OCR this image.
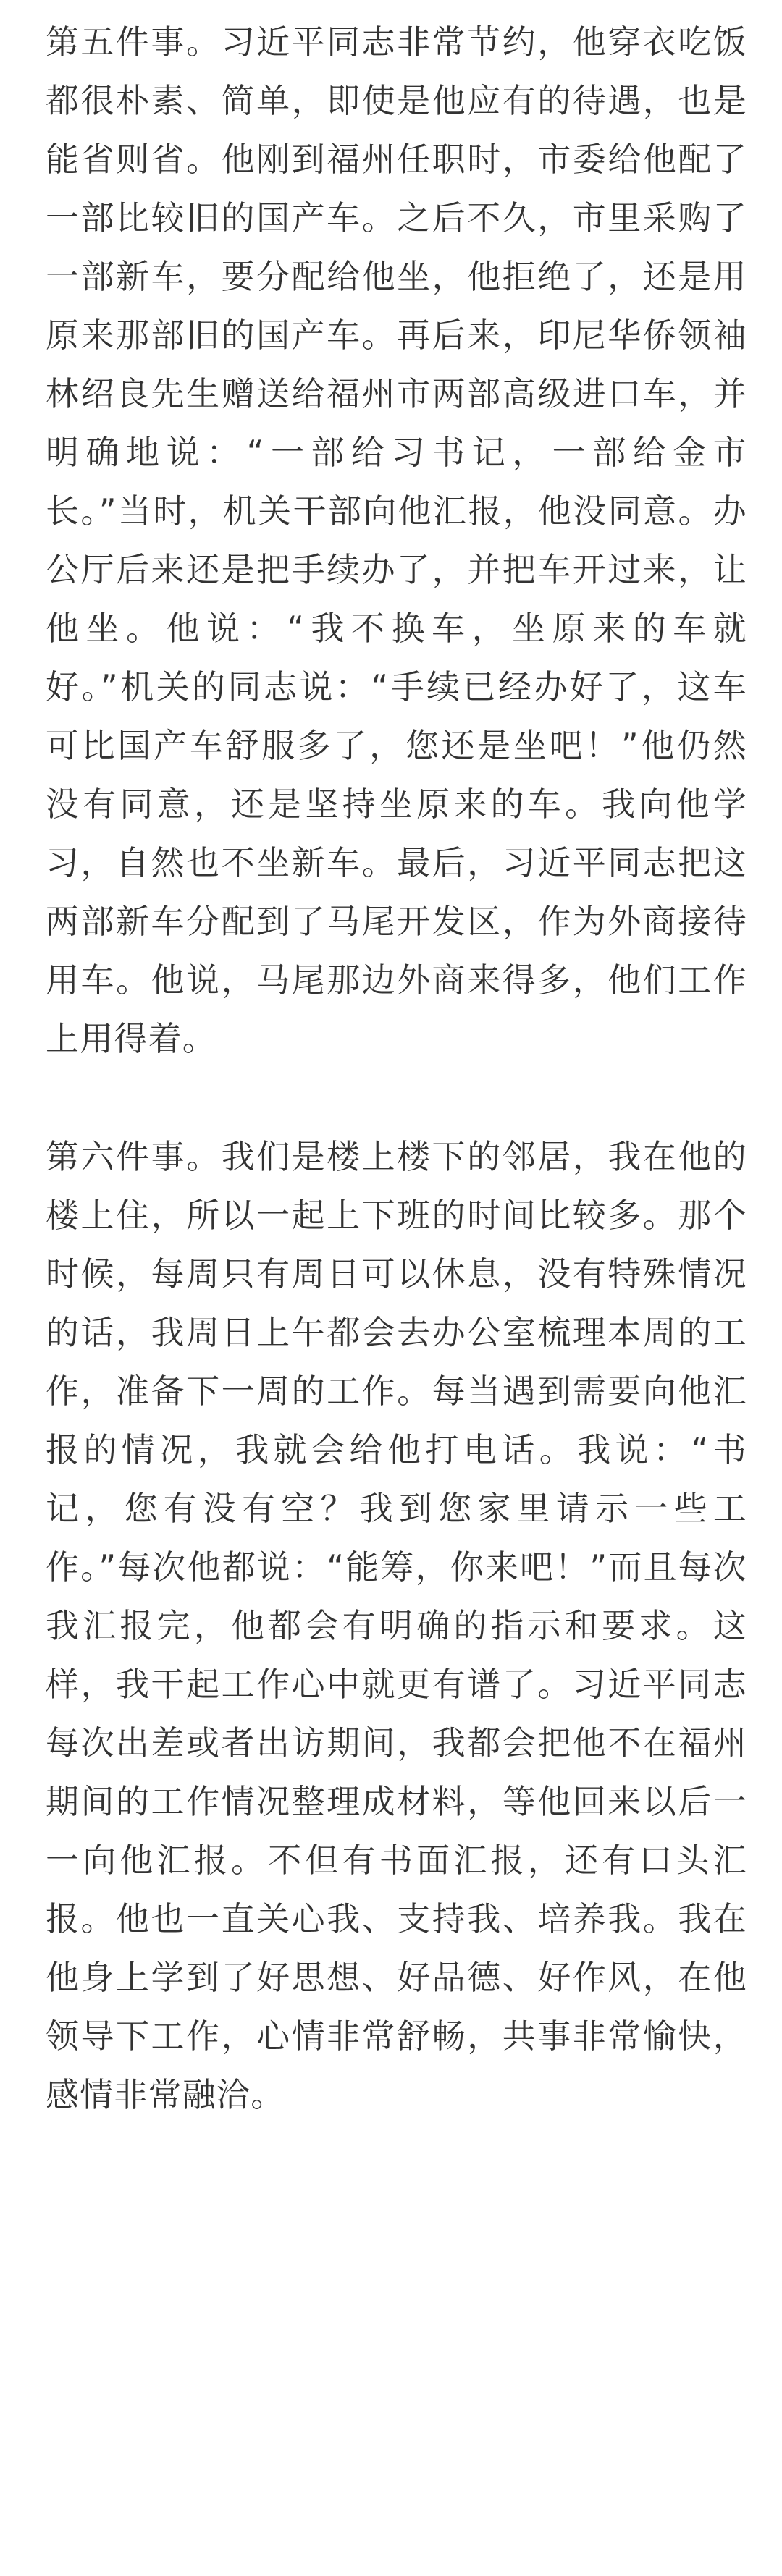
第五件事。习近平同志非常节约，他穿衣吃饭都很朴素、简单，即使是他应有的待遇，也是能省则省。他刚到福州任职时，市委给他配了一部比较旧的国产车。之后不久，市里采购了一部新车，要分配给他坐，他拒绝了，还是用原来那部旧的国产车。再后来，印尼华侨领袖林绍良先生赠送给福州市两部高级进口车，并明确地说：“一部给习书记，一部给金市长。”当时，机关干部向他汇报，他没同意。办公厅后来还是把手续办了，并把车开过来，让他坐。他说：“我不换车，坐原来的车就好。”机关的同志说：“手续已经办好了，这车可比国产车舒服多了，您还是坐吧！”他仍然没有同意，还是坚持坐原来的车。我向他学习，自然也不坐新车。最后，习近平同志把这两部新车分配到了马尾开发区，作为外商接待用车。他说，马尾那边外商来得多，他们工作上用得着。

第六件事。我们是楼上楼下的邻居，我在他的楼上住，所以一起上下班的时间比较多。那个时候，每周只有周日可以休息，没有特殊情况的话，我周日上午都会去办公室梳理本周的工作，准备下一周的工作。每当遇到需要向他汇报的情况，我就会给他打电话。我说：“书记，您有没有空？我到您家里请示一些工作。”每次他都说：“能筹，你来吧！”而且每次我汇报完，他都会有明确的指示和要求。这样，我干起工作心中就更有谱了。习近平同志每次出差或者出访期间，我都会把他不在福州期间的工作情况整理成材料，等他回来以后一一向他汇报。不但有书面汇报，还有口头汇报。他也一直关心我、支持我、培养我。我在他身上学到了好思想、好品德、好作风，在他领导下工作，心情非常舒畅，共事非常愉快，感情非常融洽。
